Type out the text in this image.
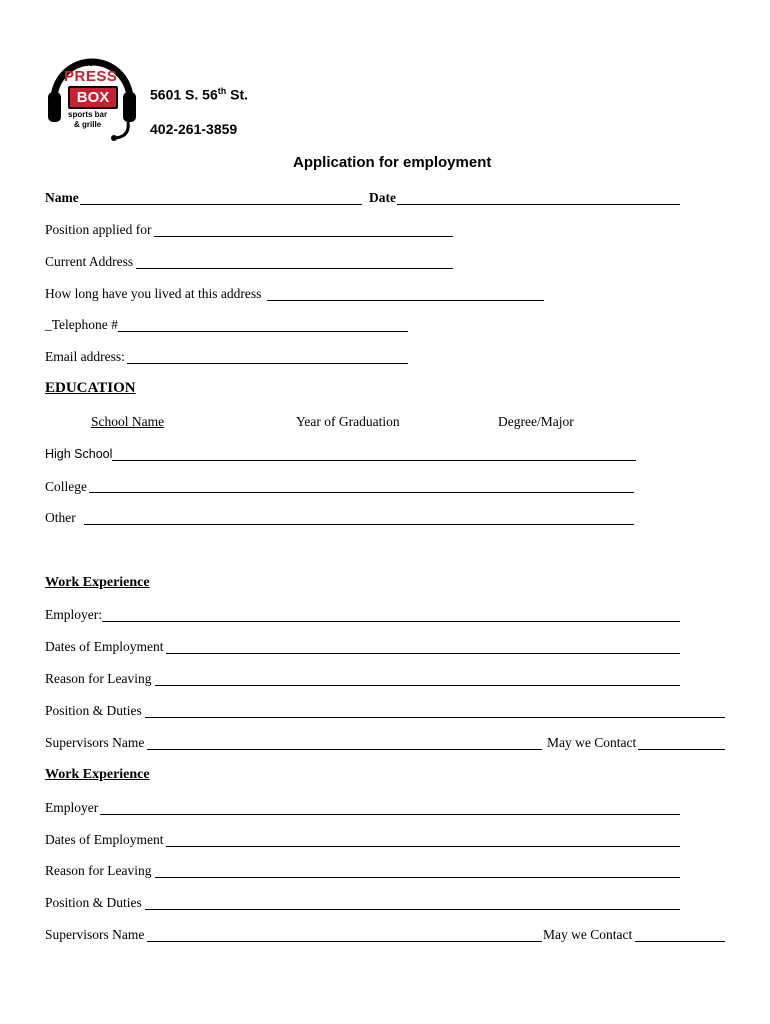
the
PRESS
BOX
sports bar
& grille
5601 S. 56th St.
402-261-3859
Application for employment
Name	Date
Position applied for
Current Address
How long have you lived at this address
_Telephone #
Email address:
EDUCATION
School Name	Year of Graduation	Degree/Major
High School
College
Other
Work Experience
Employer:
Dates of Employment
Reason for Leaving
Position & Duties
Supervisors Name	May we Contact
Work Experience
Employer
Dates of Employment
Reason for Leaving
Position & Duties
Supervisors Name	May we Contact
